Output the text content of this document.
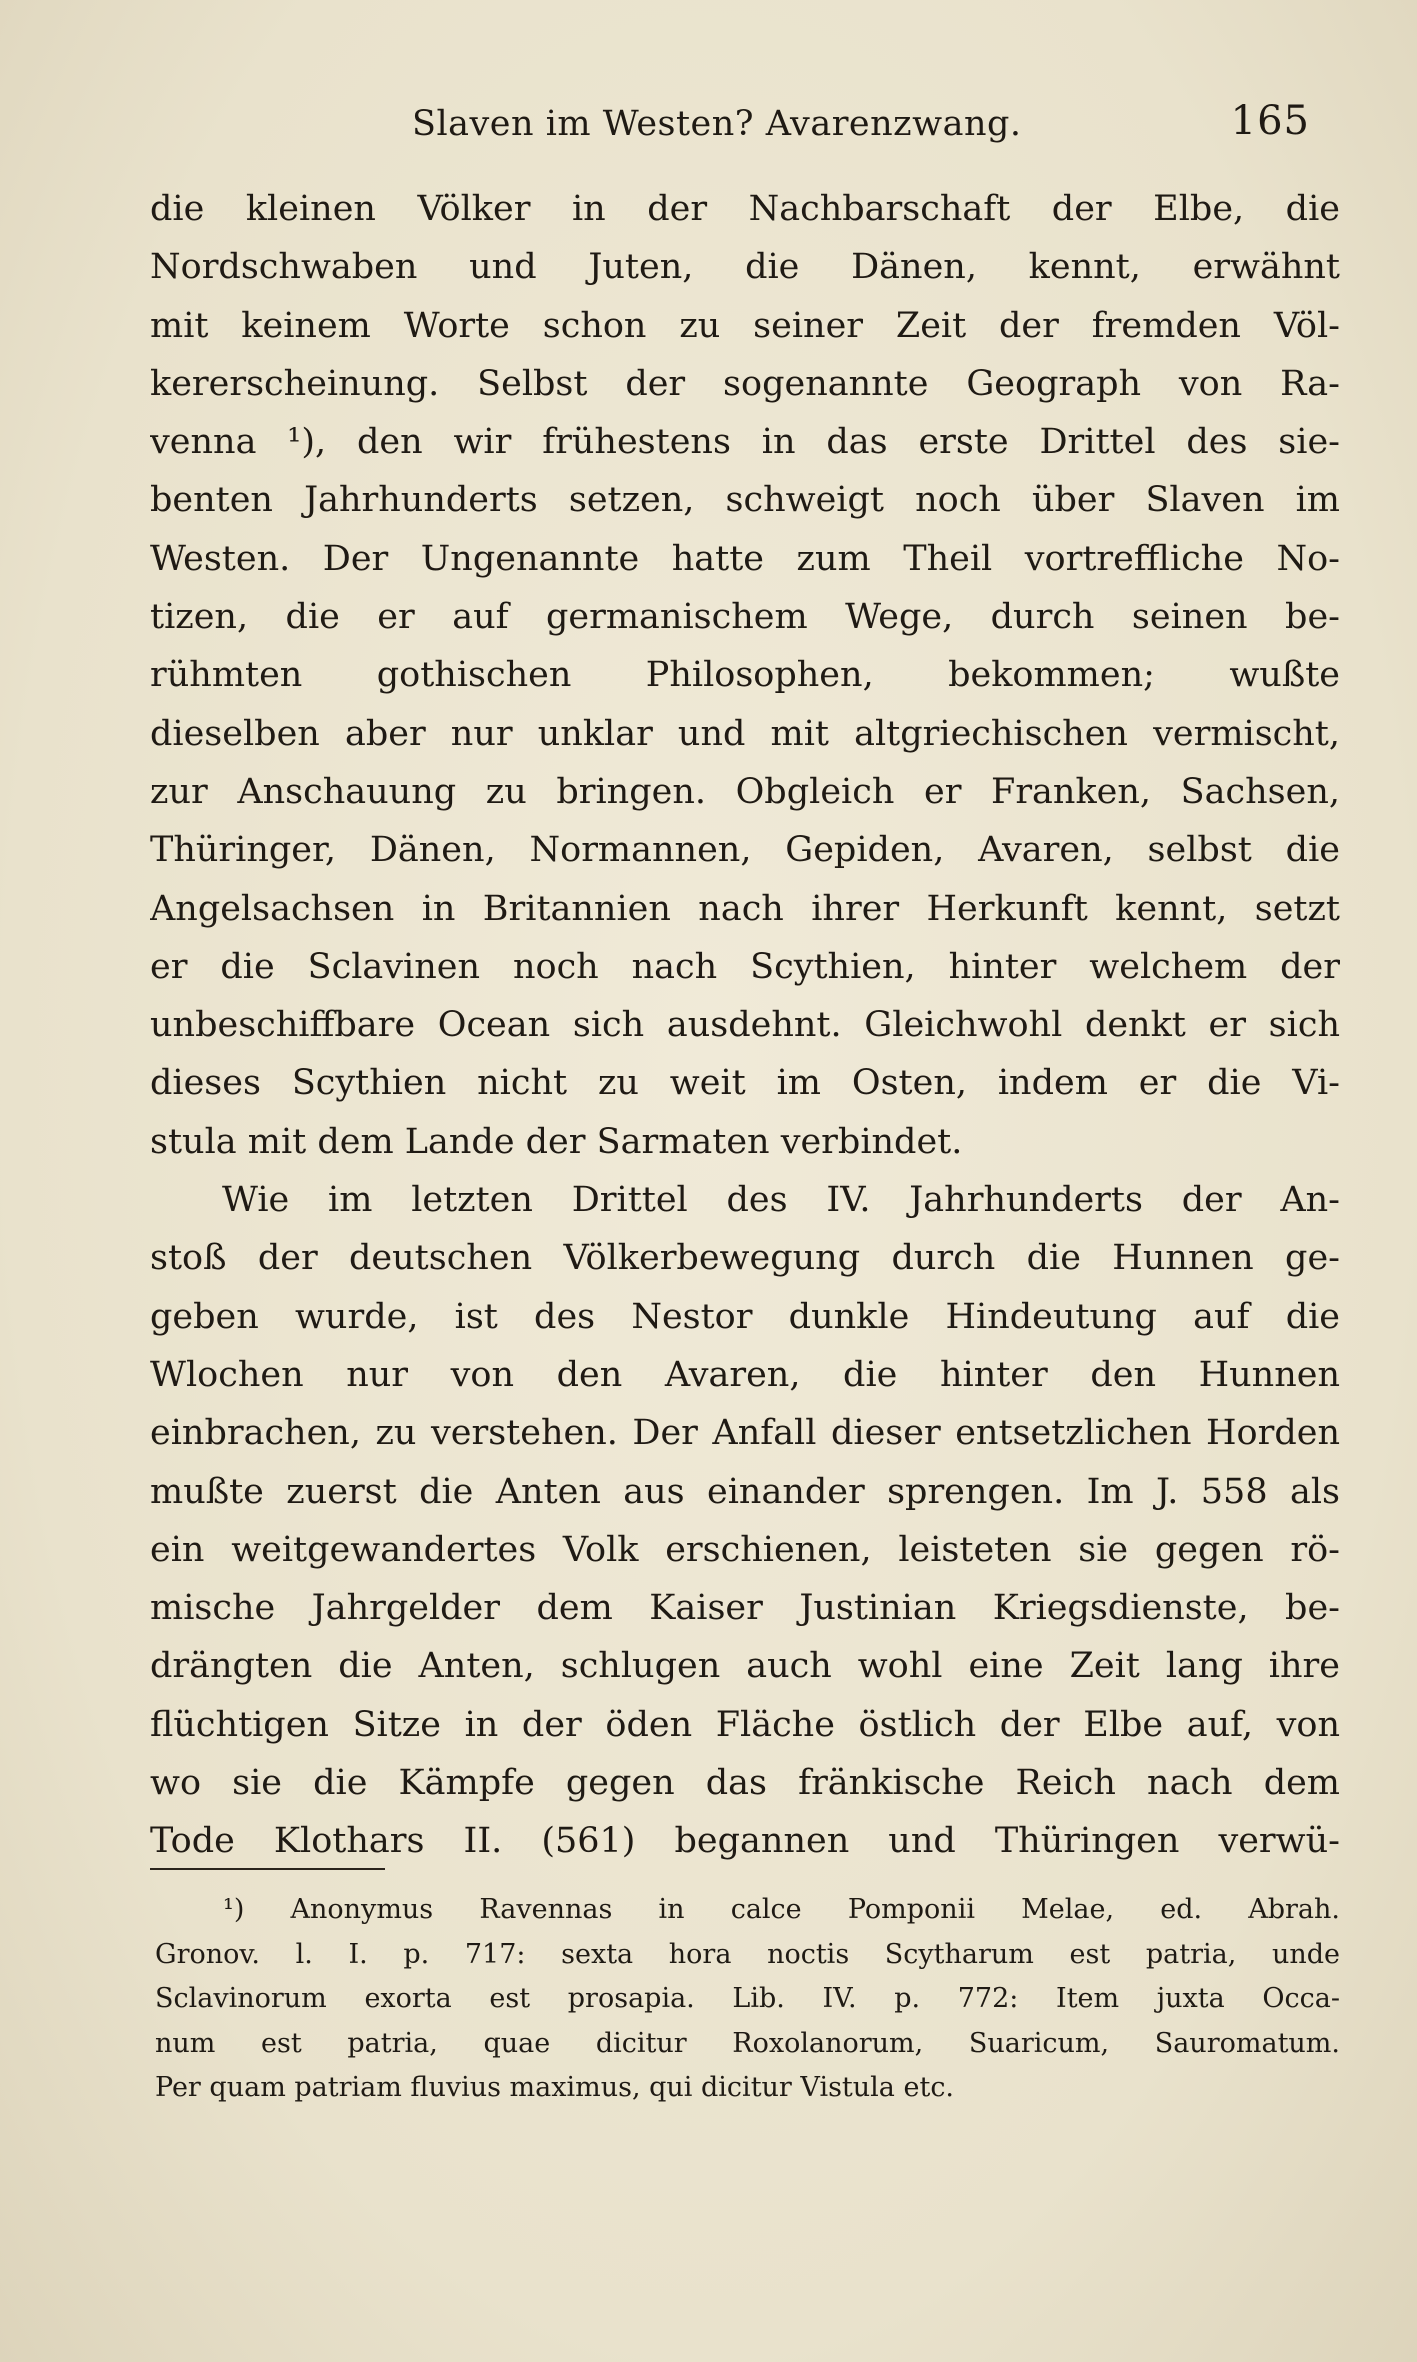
Slaven im Westen? Avarenzwang.	165
die kleinen Völker in der Nachbarschaft der Elbe, die
Nordschwaben und Juten, die Dänen, kennt, erwähnt
mit keinem Worte schon zu seiner Zeit der fremden Völ-
kererscheinung. Selbst der sogenannte Geograph von Ra-
venna ¹), den wir frühestens in das erste Drittel des sie-
benten Jahrhunderts setzen, schweigt noch über Slaven im
Westen. Der Ungenannte hatte zum Theil vortreffliche No-
tizen, die er auf germanischem Wege, durch seinen be-
rühmten gothischen Philosophen, bekommen; wußte
dieselben aber nur unklar und mit altgriechischen vermischt,
zur Anschauung zu bringen. Obgleich er Franken, Sachsen,
Thüringer, Dänen, Normannen, Gepiden, Avaren, selbst die
Angelsachsen in Britannien nach ihrer Herkunft kennt, setzt
er die Sclavinen noch nach Scythien, hinter welchem der
unbeschiffbare Ocean sich ausdehnt. Gleichwohl denkt er sich
dieses Scythien nicht zu weit im Osten, indem er die Vi-
stula mit dem Lande der Sarmaten verbindet.
Wie im letzten Drittel des IV. Jahrhunderts der An-
stoß der deutschen Völkerbewegung durch die Hunnen ge-
geben wurde, ist des Nestor dunkle Hindeutung auf die
Wlochen nur von den Avaren, die hinter den Hunnen
einbrachen, zu verstehen. Der Anfall dieser entsetzlichen Horden
mußte zuerst die Anten aus einander sprengen. Im J. 558 als
ein weitgewandertes Volk erschienen, leisteten sie gegen rö-
mische Jahrgelder dem Kaiser Justinian Kriegsdienste, be-
drängten die Anten, schlugen auch wohl eine Zeit lang ihre
flüchtigen Sitze in der öden Fläche östlich der Elbe auf, von
wo sie die Kämpfe gegen das fränkische Reich nach dem
Tode Klothars II. (561) begannen und Thüringen verwü-
¹) Anonymus Ravennas in calce Pomponii Melae, ed. Abrah.
Gronov. l. I. p. 717: sexta hora noctis Scytharum est patria, unde
Sclavinorum exorta est prosapia. Lib. IV. p. 772: Item juxta Occa-
num est patria, quae dicitur Roxolanorum, Suaricum, Sauromatum.
Per quam patriam fluvius maximus, qui dicitur Vistula etc.
